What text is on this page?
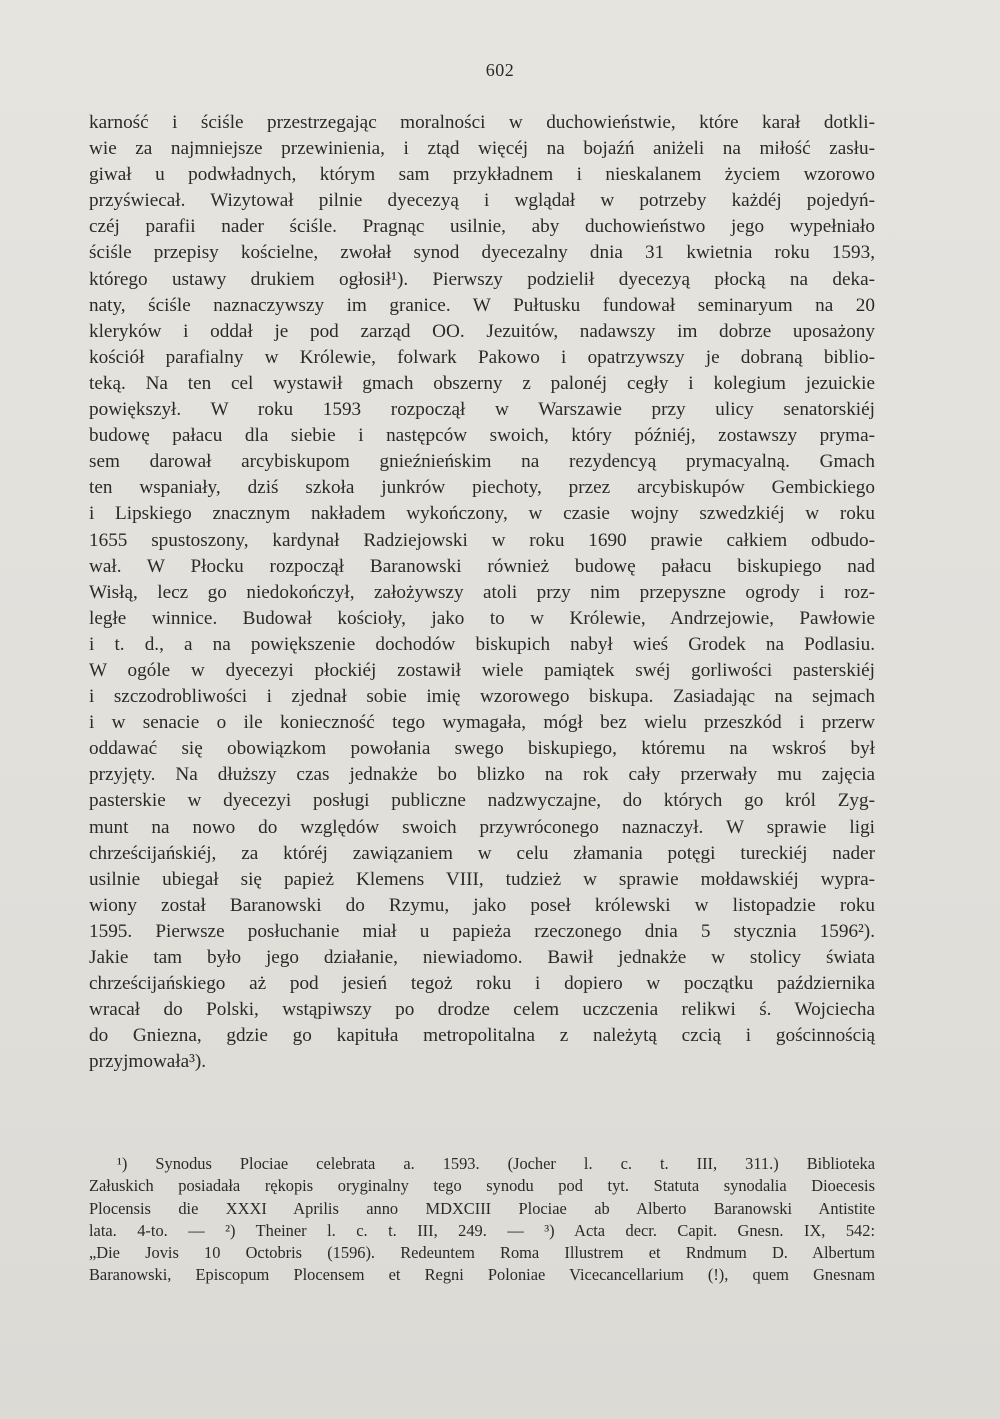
602
karność i ściśle przestrzegając moralności w duchowieństwie, które karał dotkli-
wie za najmniejsze przewinienia, i ztąd więcéj na bojaźń aniżeli na miłość zasłu-
giwał u podwładnych, którym sam przykładnem i nieskalanem życiem wzorowo
przyświecał. Wizytował pilnie dyecezyą i wglądał w potrzeby każdéj pojedyń-
czéj parafii nader ściśle. Pragnąc usilnie, aby duchowieństwo jego wypełniało
ściśle przepisy kościelne, zwołał synod dyecezalny dnia 31 kwietnia roku 1593,
którego ustawy drukiem ogłosił¹). Pierwszy podzielił dyecezyą płocką na deka-
naty, ściśle naznaczywszy im granice. W Pułtusku fundował seminaryum na 20
kleryków i oddał je pod zarząd OO. Jezuitów, nadawszy im dobrze uposażony
kościół parafialny w Królewie, folwark Pakowo i opatrzywszy je dobraną biblio-
teką. Na ten cel wystawił gmach obszerny z palonéj cegły i kolegium jezuickie
powiększył. W roku 1593 rozpoczął w Warszawie przy ulicy senatorskiéj
budowę pałacu dla siebie i następców swoich, który późniéj, zostawszy pryma-
sem darował arcybiskupom gnieźnieńskim na rezydencyą prymacyalną. Gmach
ten wspaniały, dziś szkoła junkrów piechoty, przez arcybiskupów Gembickiego
i Lipskiego znacznym nakładem wykończony, w czasie wojny szwedzkiéj w roku
1655 spustoszony, kardynał Radziejowski w roku 1690 prawie całkiem odbudo-
wał. W Płocku rozpoczął Baranowski również budowę pałacu biskupiego nad
Wisłą, lecz go niedokończył, założywszy atoli przy nim przepyszne ogrody i roz-
ległe winnice. Budował kościoły, jako to w Królewie, Andrzejowie, Pawłowie
i t. d., a na powiększenie dochodów biskupich nabył wieś Grodek na Podlasiu.
W ogóle w dyecezyi płockiéj zostawił wiele pamiątek swéj gorliwości pasterskiéj
i szczodrobliwości i zjednał sobie imię wzorowego biskupa. Zasiadając na sejmach
i w senacie o ile konieczność tego wymagała, mógł bez wielu przeszkód i przerw
oddawać się obowiązkom powołania swego biskupiego, któremu na wskroś był
przyjęty. Na dłuższy czas jednakże bo blizko na rok cały przerwały mu zajęcia
pasterskie w dyecezyi posługi publiczne nadzwyczajne, do których go król Zyg-
munt na nowo do względów swoich przywróconego naznaczył. W sprawie ligi
chrześcijańskiéj, za któréj zawiązaniem w celu złamania potęgi tureckiéj nader
usilnie ubiegał się papież Klemens VIII, tudzież w sprawie mołdawskiéj wypra-
wiony został Baranowski do Rzymu, jako poseł królewski w listopadzie roku
1595. Pierwsze posłuchanie miał u papieża rzeczonego dnia 5 stycznia 1596²).
Jakie tam było jego działanie, niewiadomo. Bawił jednakże w stolicy świata
chrześcijańskiego aż pod jesień tegoż roku i dopiero w początku października
wracał do Polski, wstąpiwszy po drodze celem uczczenia relikwi ś. Wojciecha
do Gniezna, gdzie go kapituła metropolitalna z należytą czcią i gościnnością
przyjmowała³).
¹) Synodus Plociae celebrata a. 1593. (Jocher l. c. t. III, 311.) Biblioteka
Załuskich posiadała rękopis oryginalny tego synodu pod tyt. Statuta synodalia Dioecesis
Plocensis die XXXI Aprilis anno MDXCIII Plociae ab Alberto Baranowski Antistite
lata. 4-to. — ²) Theiner l. c. t. III, 249. — ³) Acta decr. Capit. Gnesn. IX, 542:
„Die Jovis 10 Octobris (1596). Redeuntem Roma Illustrem et Rndmum D. Albertum
Baranowski, Episcopum Plocensem et Regni Poloniae Vicecancellarium (!), quem Gnesnam
